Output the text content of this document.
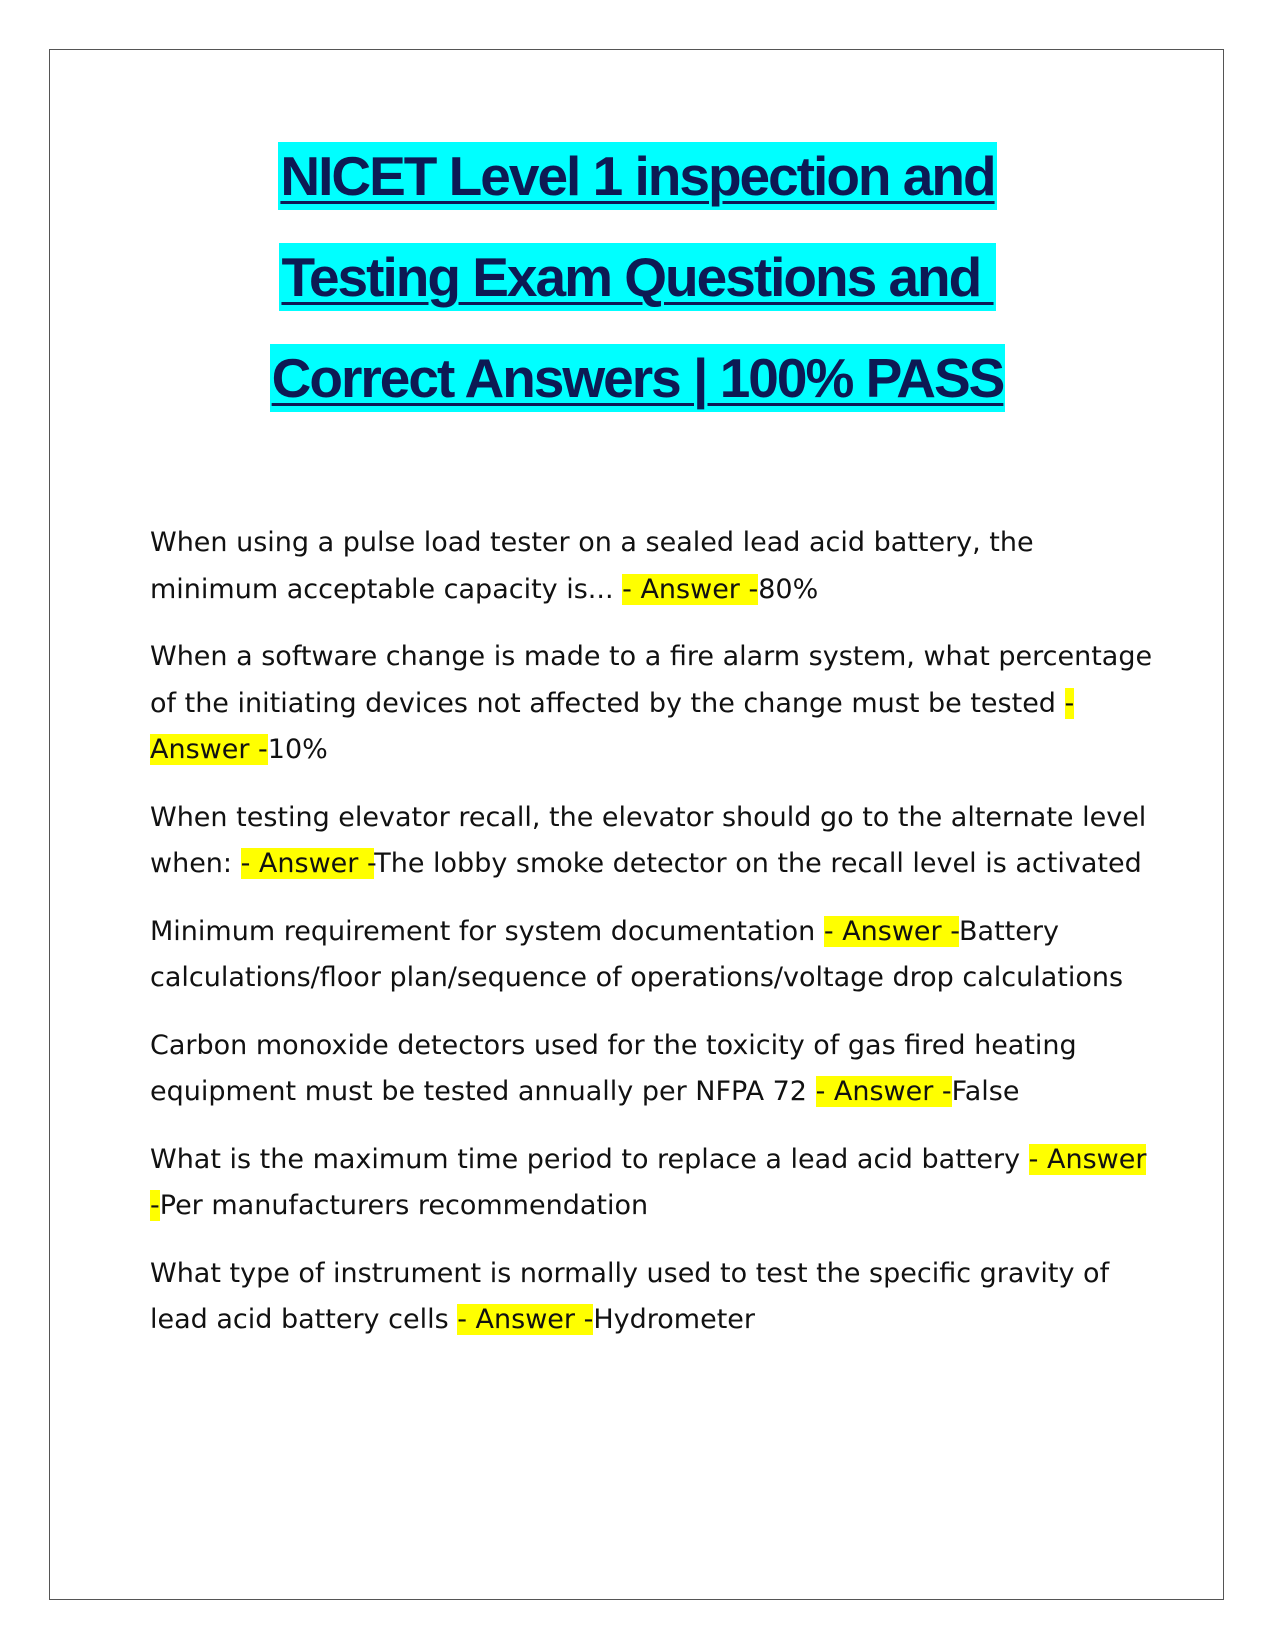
NICET Level 1 inspection and
Testing Exam Questions and
Correct Answers | 100% PASS

When using a pulse load tester on a sealed lead acid battery, the minimum acceptable capacity is... - Answer -80%

When a software change is made to a fire alarm system, what percentage of the initiating devices not affected by the change must be tested - Answer -10%

When testing elevator recall, the elevator should go to the alternate level when: - Answer -The lobby smoke detector on the recall level is activated

Minimum requirement for system documentation - Answer -Battery calculations/floor plan/sequence of operations/voltage drop calculations

Carbon monoxide detectors used for the toxicity of gas fired heating equipment must be tested annually per NFPA 72 - Answer -False

What is the maximum time period to replace a lead acid battery - Answer -Per manufacturers recommendation

What type of instrument is normally used to test the specific gravity of lead acid battery cells - Answer -Hydrometer
